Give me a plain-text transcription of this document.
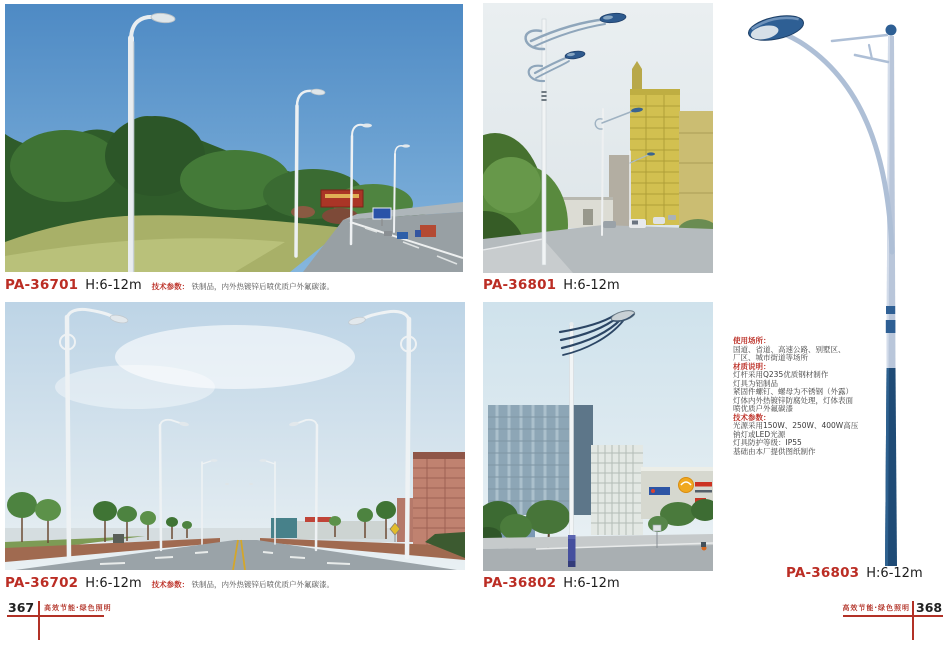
PA-36701 H:6-12m 技术参数： 铁制品，内外热镀锌后喷优质户外氟碳漆。	PA-36801 H:6-12m
PA-36702 H:6-12m 技术参数： 铁制品，内外热镀锌后喷优质户外氟碳漆。	PA-36802 H:6-12m
PA-36803 H:6-12m
使用场所：
国道、省道、高速公路、别墅区、
厂区、城市街道等场所
材质说明：
灯杆采用Q235优质钢材制作
灯具为铝制品
紧固件螺钉、螺母为不锈钢（外露）
灯体内外热镀锌防腐处理，灯体表面
喷优质户外氟碳漆
技术参数：
光源采用150W、250W、400W高压
钠灯或LED光源
灯具防护等级：IP55
基础由本厂提供图纸制作
367 高效节能·绿色照明	高效节能·绿色照明 368
